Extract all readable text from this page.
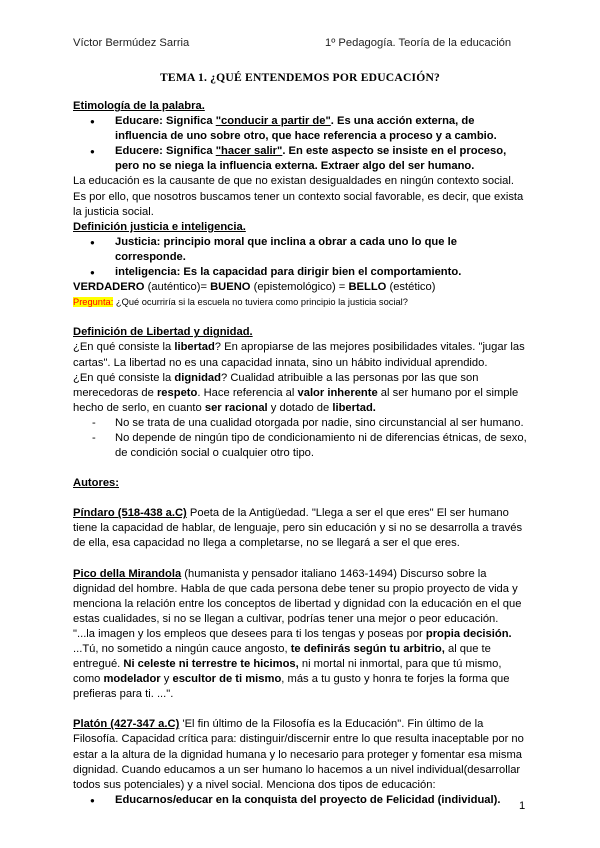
Víctor Bermúdez Sarria	1º Pedagogía. Teoría de la educación
TEMA 1. ¿QUÉ ENTENDEMOS POR EDUCACIÓN?

Etimología de la palabra.

● Educare: Significa "conducir a partir de". Es una acción externa, de influencia de uno sobre otro, que hace referencia a proceso y a cambio.
● Educere: Significa "hacer salir". En este aspecto se insiste en el proceso, pero no se niega la influencia externa. Extraer algo del ser humano.

La educación es la causante de que no existan desigualdades en ningún contexto social. Es por ello, que nosotros buscamos tener un contexto social favorable, es decir, que exista la justicia social.

Definición justicia e inteligencia.

● Justicia: principio moral que inclina a obrar a cada uno lo que le corresponde.
● inteligencia: Es la capacidad para dirigir bien el comportamiento.

VERDADERO (auténtico)= BUENO (epistemológico) = BELLO (estético)

Pregunta: ¿Qué ocurriría si la escuela no tuviera como principio la justicia social?

Definición de Libertad y dignidad.

¿En qué consiste la libertad? En apropiarse de las mejores posibilidades vitales. "jugar las cartas". La libertad no es una capacidad innata, sino un hábito individual aprendido.

¿En qué consiste la dignidad? Cualidad atribuible a las personas por las que son merecedoras de respeto. Hace referencia al valor inherente al ser humano por el simple hecho de serlo, en cuanto ser racional y dotado de libertad.

- No se trata de una cualidad otorgada por nadie, sino circunstancial al ser humano.
- No depende de ningún tipo de condicionamiento ni de diferencias étnicas, de sexo, de condición social o cualquier otro tipo.

Autores:

Píndaro (518-438 a.C) Poeta de la Antigüedad. "Llega a ser el que eres" El ser humano tiene la capacidad de hablar, de lenguaje, pero sin educación y si no se desarrolla a través de ella, esa capacidad no llega a completarse, no se llegará a ser el que eres.

Pico della Mirandola (humanista y pensador italiano 1463-1494) Discurso sobre la dignidad del hombre. Habla de que cada persona debe tener su propio proyecto de vida y menciona la relación entre los conceptos de libertad y dignidad con la educación en el que estas cualidades, si no se llegan a cultivar, podrías tener una mejor o peor educación.

"...la imagen y los empleos que desees para ti los tengas y poseas por propia decisión. ...Tú, no sometido a ningún cauce angosto, te definirás según tu arbitrio, al que te entregué. Ni celeste ni terrestre te hicimos, ni mortal ni inmortal, para que tú mismo, como modelador y escultor de ti mismo, más a tu gusto y honra te forjes la forma que prefieras para ti. ...".

Platón (427-347 a.C) 'El fin último de la Filosofía es la Educación". Fin último de la Filosofía. Capacidad crítica para: distinguir/discernir entre lo que resulta inaceptable por no estar a la altura de la dignidad humana y lo necesario para proteger y fomentar esa misma dignidad. Cuando educamos a un ser humano lo hacemos a un nivel individual(desarrollar todos sus potenciales) y a nivel social. Menciona dos tipos de educación:

● Educarnos/educar en la conquista del proyecto de Felicidad (individual).
1
